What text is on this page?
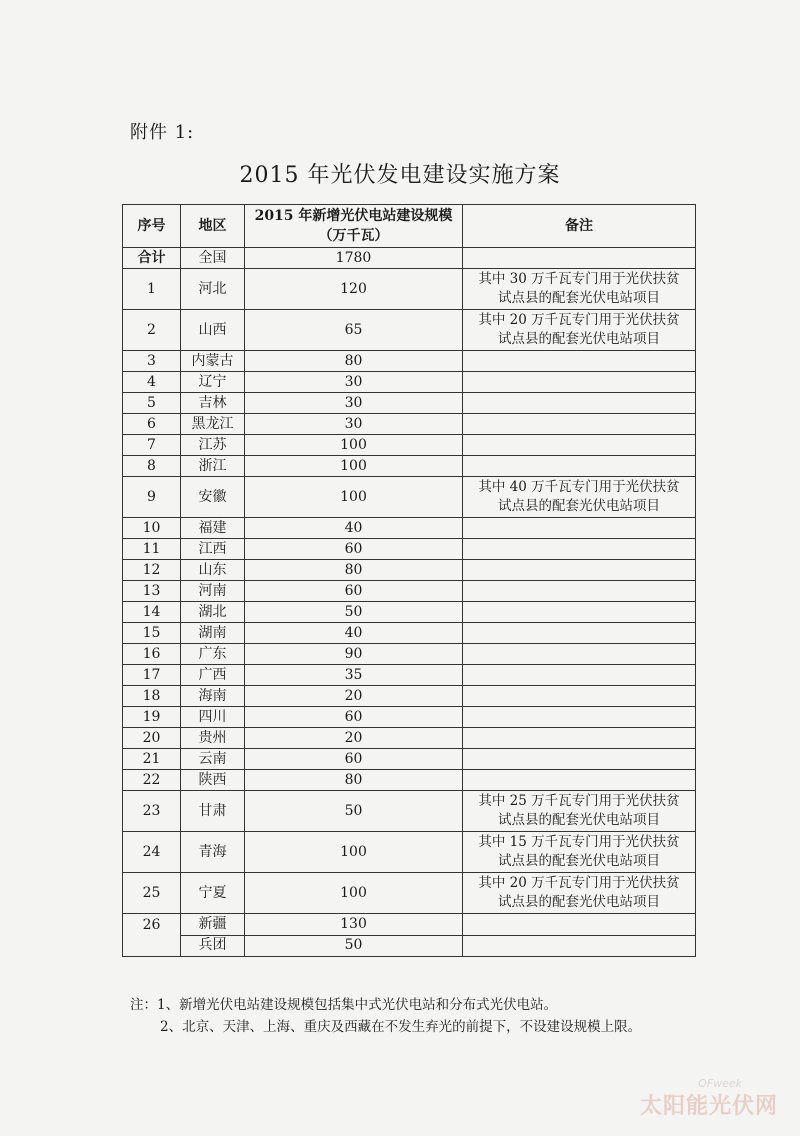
附件 1:
2015 年光伏发电建设实施方案
序号	地区	2015 年新增光伏电站建设规模（万千瓦）	备注
合计	全国	1780	
1	河北	120	其中 30 万千瓦专门用于光伏扶贫
试点县的配套光伏电站项目

2	山西	65	其中 20 万千瓦专门用于光伏扶贫
试点县的配套光伏电站项目

3	内蒙古	80	
4	辽宁	30	
5	吉林	30	
6	黑龙江	30	
7	江苏	100	
8	浙江	100	
9	安徽	100	其中 40 万千瓦专门用于光伏扶贫
试点县的配套光伏电站项目

10	福建	40	
11	江西	60	
12	山东	80	
13	河南	60	
14	湖北	50	
15	湖南	40	
16	广东	90	
17	广西	35	
18	海南	20	
19	四川	60	
20	贵州	20	
21	云南	60	
22	陕西	80	
23	甘肃	50	其中 25 万千瓦专门用于光伏扶贫
试点县的配套光伏电站项目

24	青海	100	其中 15 万千瓦专门用于光伏扶贫
试点县的配套光伏电站项目

25	宁夏	100	其中 20 万千瓦专门用于光伏扶贫
试点县的配套光伏电站项目

26	新疆	130	
	兵团	50	
注：1、新增光伏电站建设规模包括集中式光伏电站和分布式光伏电站。
2、北京、天津、上海、重庆及西藏在不发生弃光的前提下，不设建设规模上限。
OFweek
太阳能光伏网
